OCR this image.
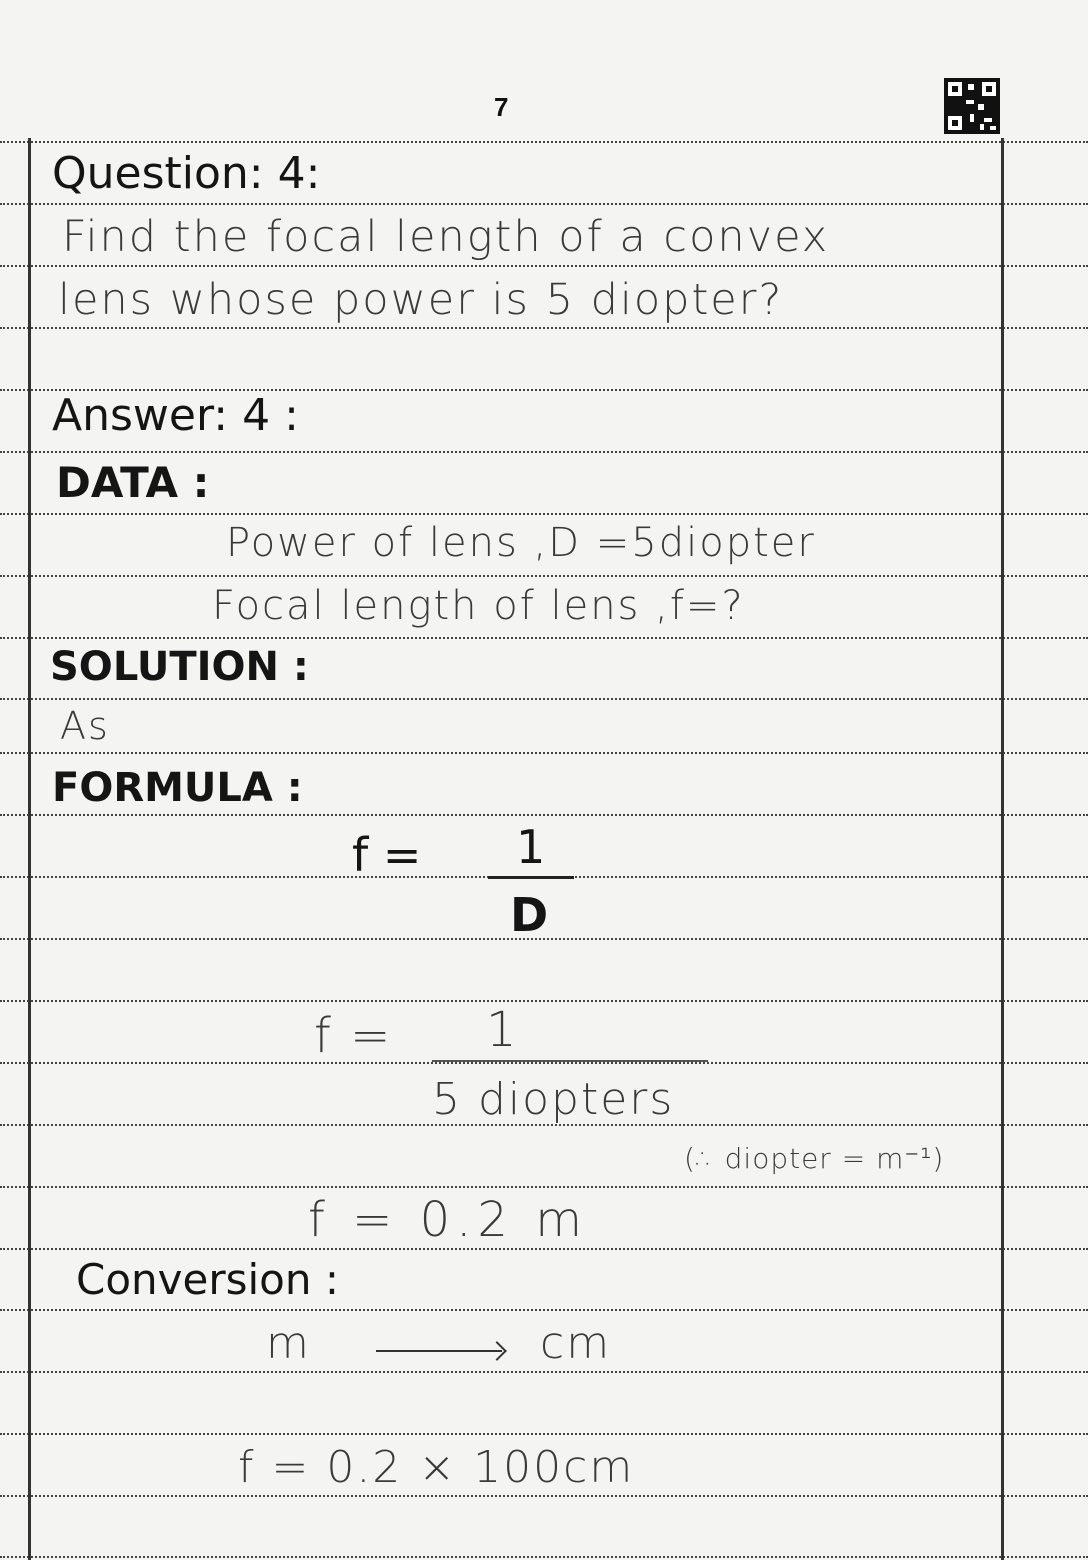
7
Question: 4:
Find the focal length of a convex
lens whose power is 5 diopter?
Answer: 4 :
DATA :
Power of lens ,D =5diopter
Focal length of lens ,f=?
SOLUTION :
As
FORMULA :
f = 1
D
f = 1
5 diopters
(∴ diopter = m⁻¹)
f = 0.2 m
Conversion :
m	cm
f = 0.2 × 100cm
